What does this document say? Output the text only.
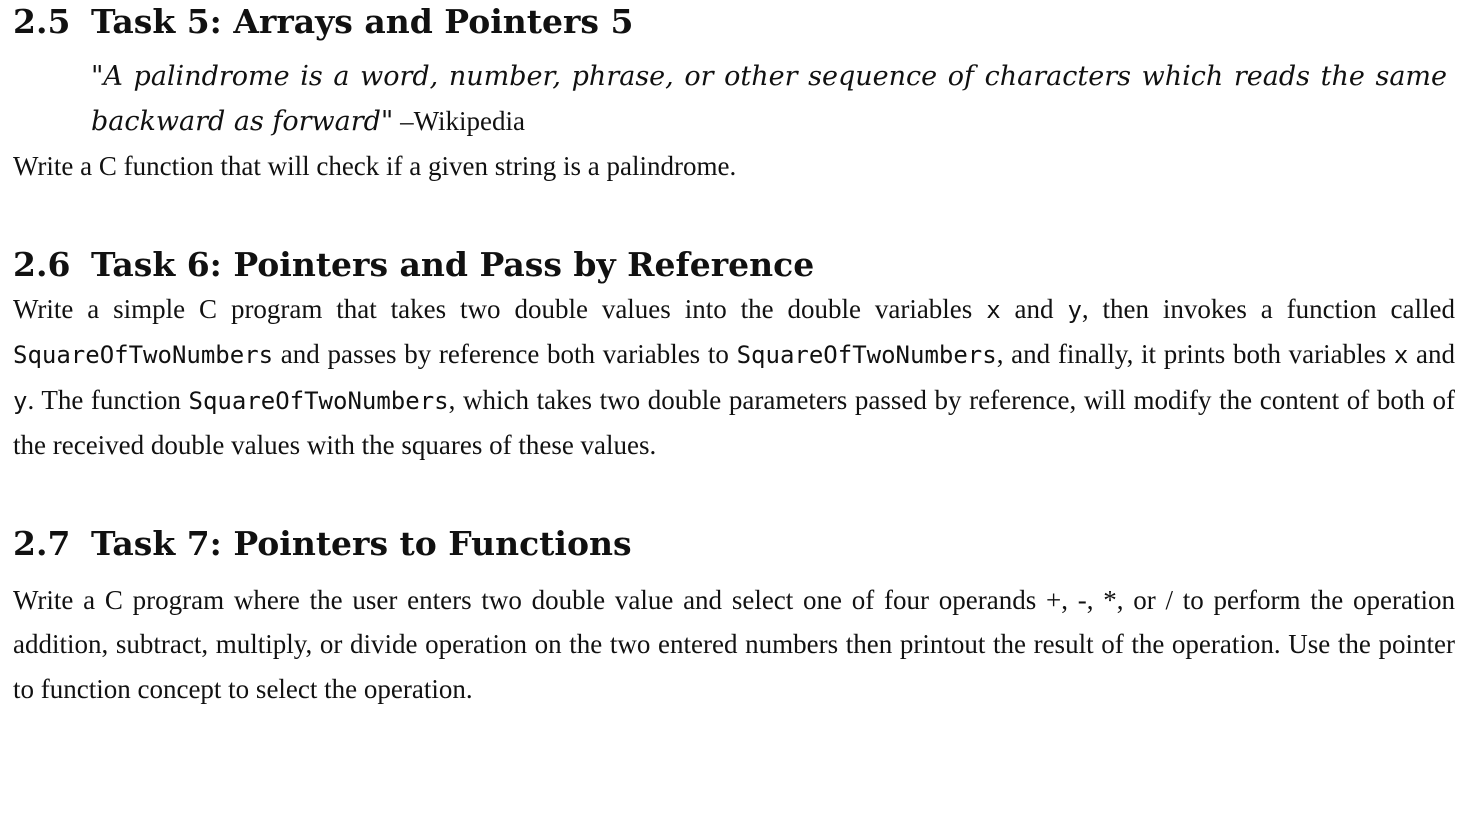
2.5 Task 5: Arrays and Pointers 5
"A palindrome is a word, number, phrase, or other sequence of characters which reads the same backward as forward" –Wikipedia

Write a C function that will check if a given string is a palindrome.

2.6 Task 6: Pointers and Pass by Reference

Write a simple C program that takes two double values into the double variables x and y, then invokes a function called SquareOfTwoNumbers and passes by reference both variables to SquareOfTwoNumbers, and finally, it prints both variables x and y. The function SquareOfTwoNumbers, which takes two double parameters passed by reference, will modify the content of both of the received double values with the squares of these values.

2.7 Task 7: Pointers to Functions

Write a C program where the user enters two double value and select one of four operands +, -, *, or / to perform the operation addition, subtract, multiply, or divide operation on the two entered numbers then printout the result of the operation. Use the pointer to function concept to select the operation.
